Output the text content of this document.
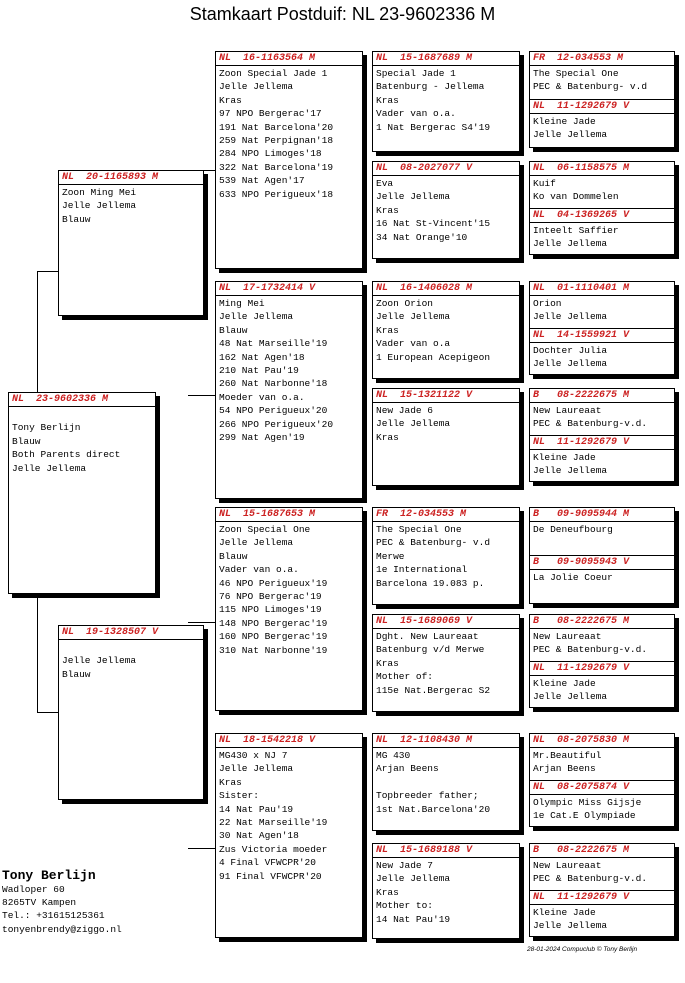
Stamkaart Postduif: NL 23-9602336 M
NL  23-9602336 M
Tony Berlijn
Blauw
Both Parents direct
Jelle Jellema
NL  20-1165893 M
Zoon Ming Mei
Jelle Jellema
Blauw
NL  19-1328507 V
Jelle Jellema
Blauw
NL  16-1163564 M
Zoon Special Jade 1
Jelle Jellema
Kras
97 NPO Bergerac'17
191 Nat Barcelona'20
259 Nat Perpignan'18
284 NPO Limoges'18
322 Nat Barcelona'19
539 Nat Agen'17
633 NPO Perigueux'18
NL  17-1732414 V
Ming Mei
Jelle Jellema
Blauw
48 Nat Marseille'19
162 Nat Agen'18
210 Nat Pau'19
260 Nat Narbonne'18
Moeder van o.a.
54 NPO Perigueux'20
266 NPO Perigueux'20
299 Nat Agen'19
NL  15-1687653 M
Zoon Special One
Jelle Jellema
Blauw
Vader van o.a.
46 NPO Perigueux'19
76 NPO Bergerac'19
115 NPO Limoges'19
148 NPO Bergerac'19
160 NPO Bergerac'19
310 Nat Narbonne'19
NL  18-1542218 V
MG430 x NJ 7
Jelle Jellema
Kras
Sister:
14 Nat Pau'19
22 Nat Marseille'19
30 Nat Agen'18
Zus Victoria moeder
4 Final VFWCPR'20
91 Final VFWCPR'20
NL  15-1687689 M
Special Jade 1
Batenburg - Jellema
Kras
Vader van o.a.
1 Nat Bergerac S4'19
NL  08-2027077 V
Eva
Jelle Jellema
Kras
16 Nat St-Vincent'15
34 Nat Orange'10
NL  16-1406028 M
Zoon Orion
Jelle Jellema
Kras
Vader van o.a
1 European Acepigeon
NL  15-1321122 V
New Jade 6
Jelle Jellema
Kras
FR  12-034553 M
The Special One
PEC & Batenburg- v.d
Merwe
1e International
Barcelona 19.083 p.
NL  15-1689069 V
Dght. New Laureaat
Batenburg v/d Merwe
Kras
Mother of:
115e Nat.Bergerac S2
NL  12-1108430 M
MG 430
Arjan Beens
Topbreeder father;
1st Nat.Barcelona'20
NL  15-1689188 V
New Jade 7
Jelle Jellema
Kras
Mother to:
14 Nat Pau'19
FR  12-034553 M
The Special One
PEC & Batenburg- v.d
NL  11-1292679 V
Kleine Jade
Jelle Jellema
NL  06-1158575 M
Kuif
Ko van Dommelen
NL  04-1369265 V
Inteelt Saffier
Jelle Jellema
NL  01-1110401 M
Orion
Jelle Jellema
NL  14-1559921 V
Dochter Julia
Jelle Jellema
B   08-2222675 M
New Laureaat
PEC & Batenburg-v.d.
NL  11-1292679 V
Kleine Jade
Jelle Jellema
B   09-9095944 M
De Deneufbourg
B   09-9095943 V
La Jolie Coeur
B   08-2222675 M
New Laureaat
PEC & Batenburg-v.d.
NL  11-1292679 V
Kleine Jade
Jelle Jellema
NL  08-2075830 M
Mr.Beautiful
Arjan Beens
NL  08-2075874 V
Olympic Miss Gijsje
1e Cat.E Olympiade
B   08-2222675 M
New Laureaat
PEC & Batenburg-v.d.
NL  11-1292679 V
Kleine Jade
Jelle Jellema
Tony Berlijn
Wadloper 60
8265TV Kampen
Tel.: +31615125361
tonyenbrendy@ziggo.nl
28-01-2024 Compuclub © Tony Berlijn
